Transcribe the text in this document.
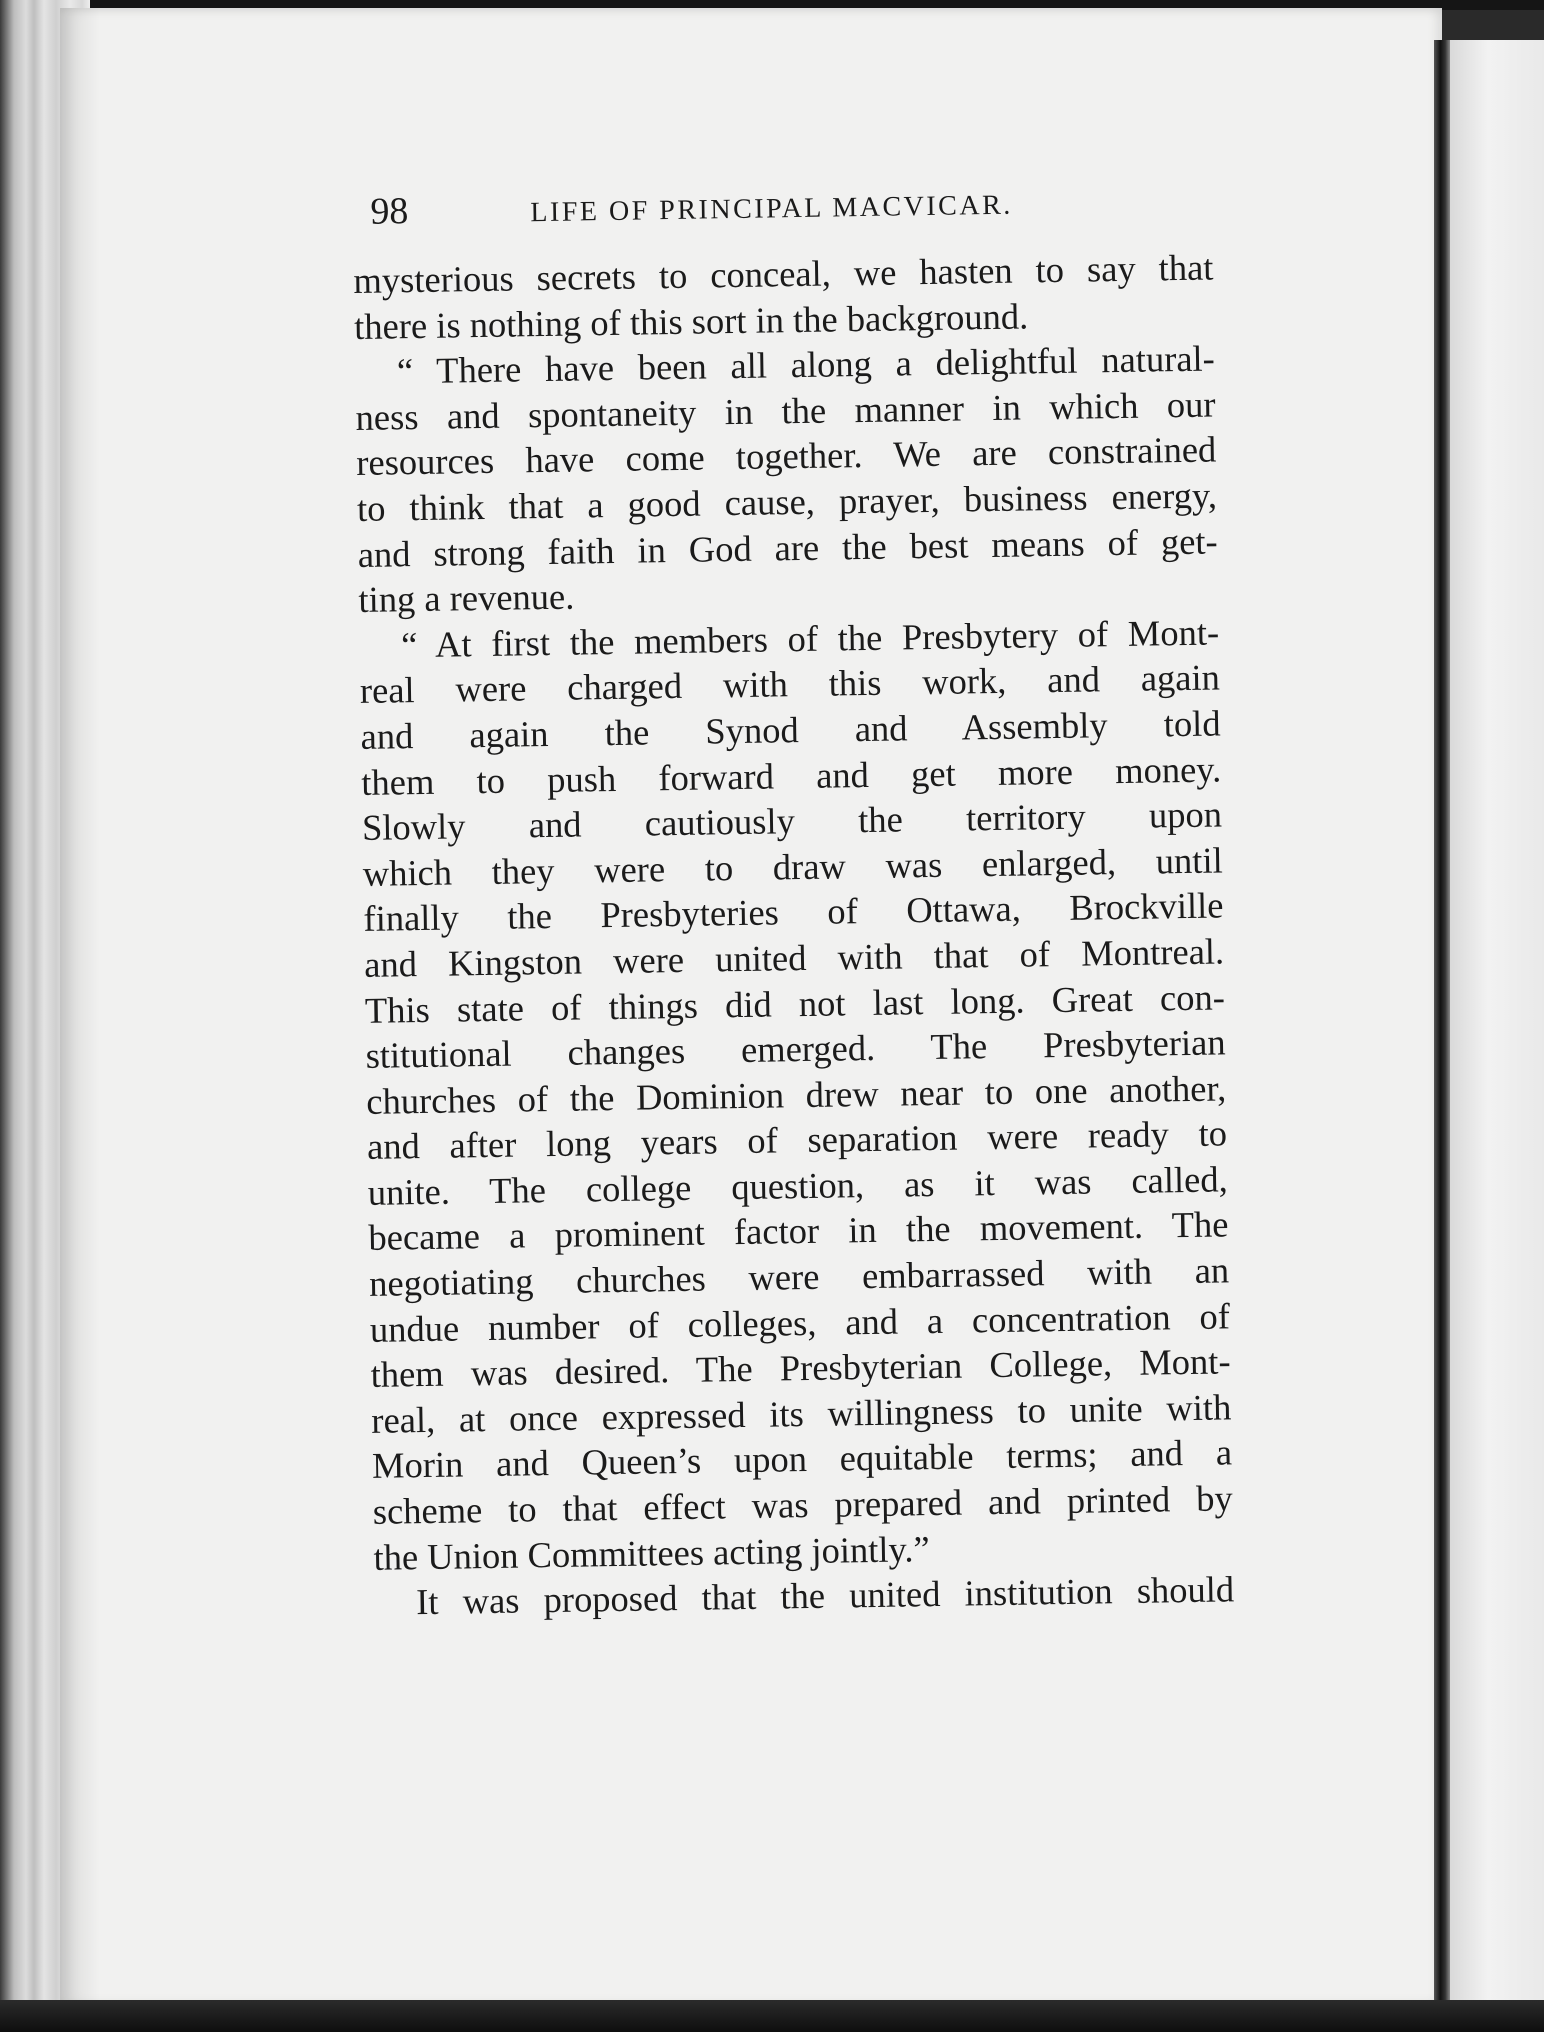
98	LIFE OF PRINCIPAL MACVICAR.
mysterious secrets to conceal, we hasten to say that
there is nothing of this sort in the background.
“ There have been all along a delightful natural-
ness and spontaneity in the manner in which our
resources have come together. We are constrained
to think that a good cause, prayer, business energy,
and strong faith in God are the best means of get-
ting a revenue.
“ At first the members of the Presbytery of Mont-
real were charged with this work, and again
and again the Synod and Assembly told
them to push forward and get more money.
Slowly and cautiously the territory upon
which they were to draw was enlarged, until
finally the Presbyteries of Ottawa, Brockville
and Kingston were united with that of Montreal.
This state of things did not last long. Great con-
stitutional changes emerged. The Presbyterian
churches of the Dominion drew near to one another,
and after long years of separation were ready to
unite. The college question, as it was called,
became a prominent factor in the movement. The
negotiating churches were embarrassed with an
undue number of colleges, and a concentration of
them was desired. The Presbyterian College, Mont-
real, at once expressed its willingness to unite with
Morin and Queen’s upon equitable terms; and a
scheme to that effect was prepared and printed by
the Union Committees acting jointly.”
It was proposed that the united institution should
